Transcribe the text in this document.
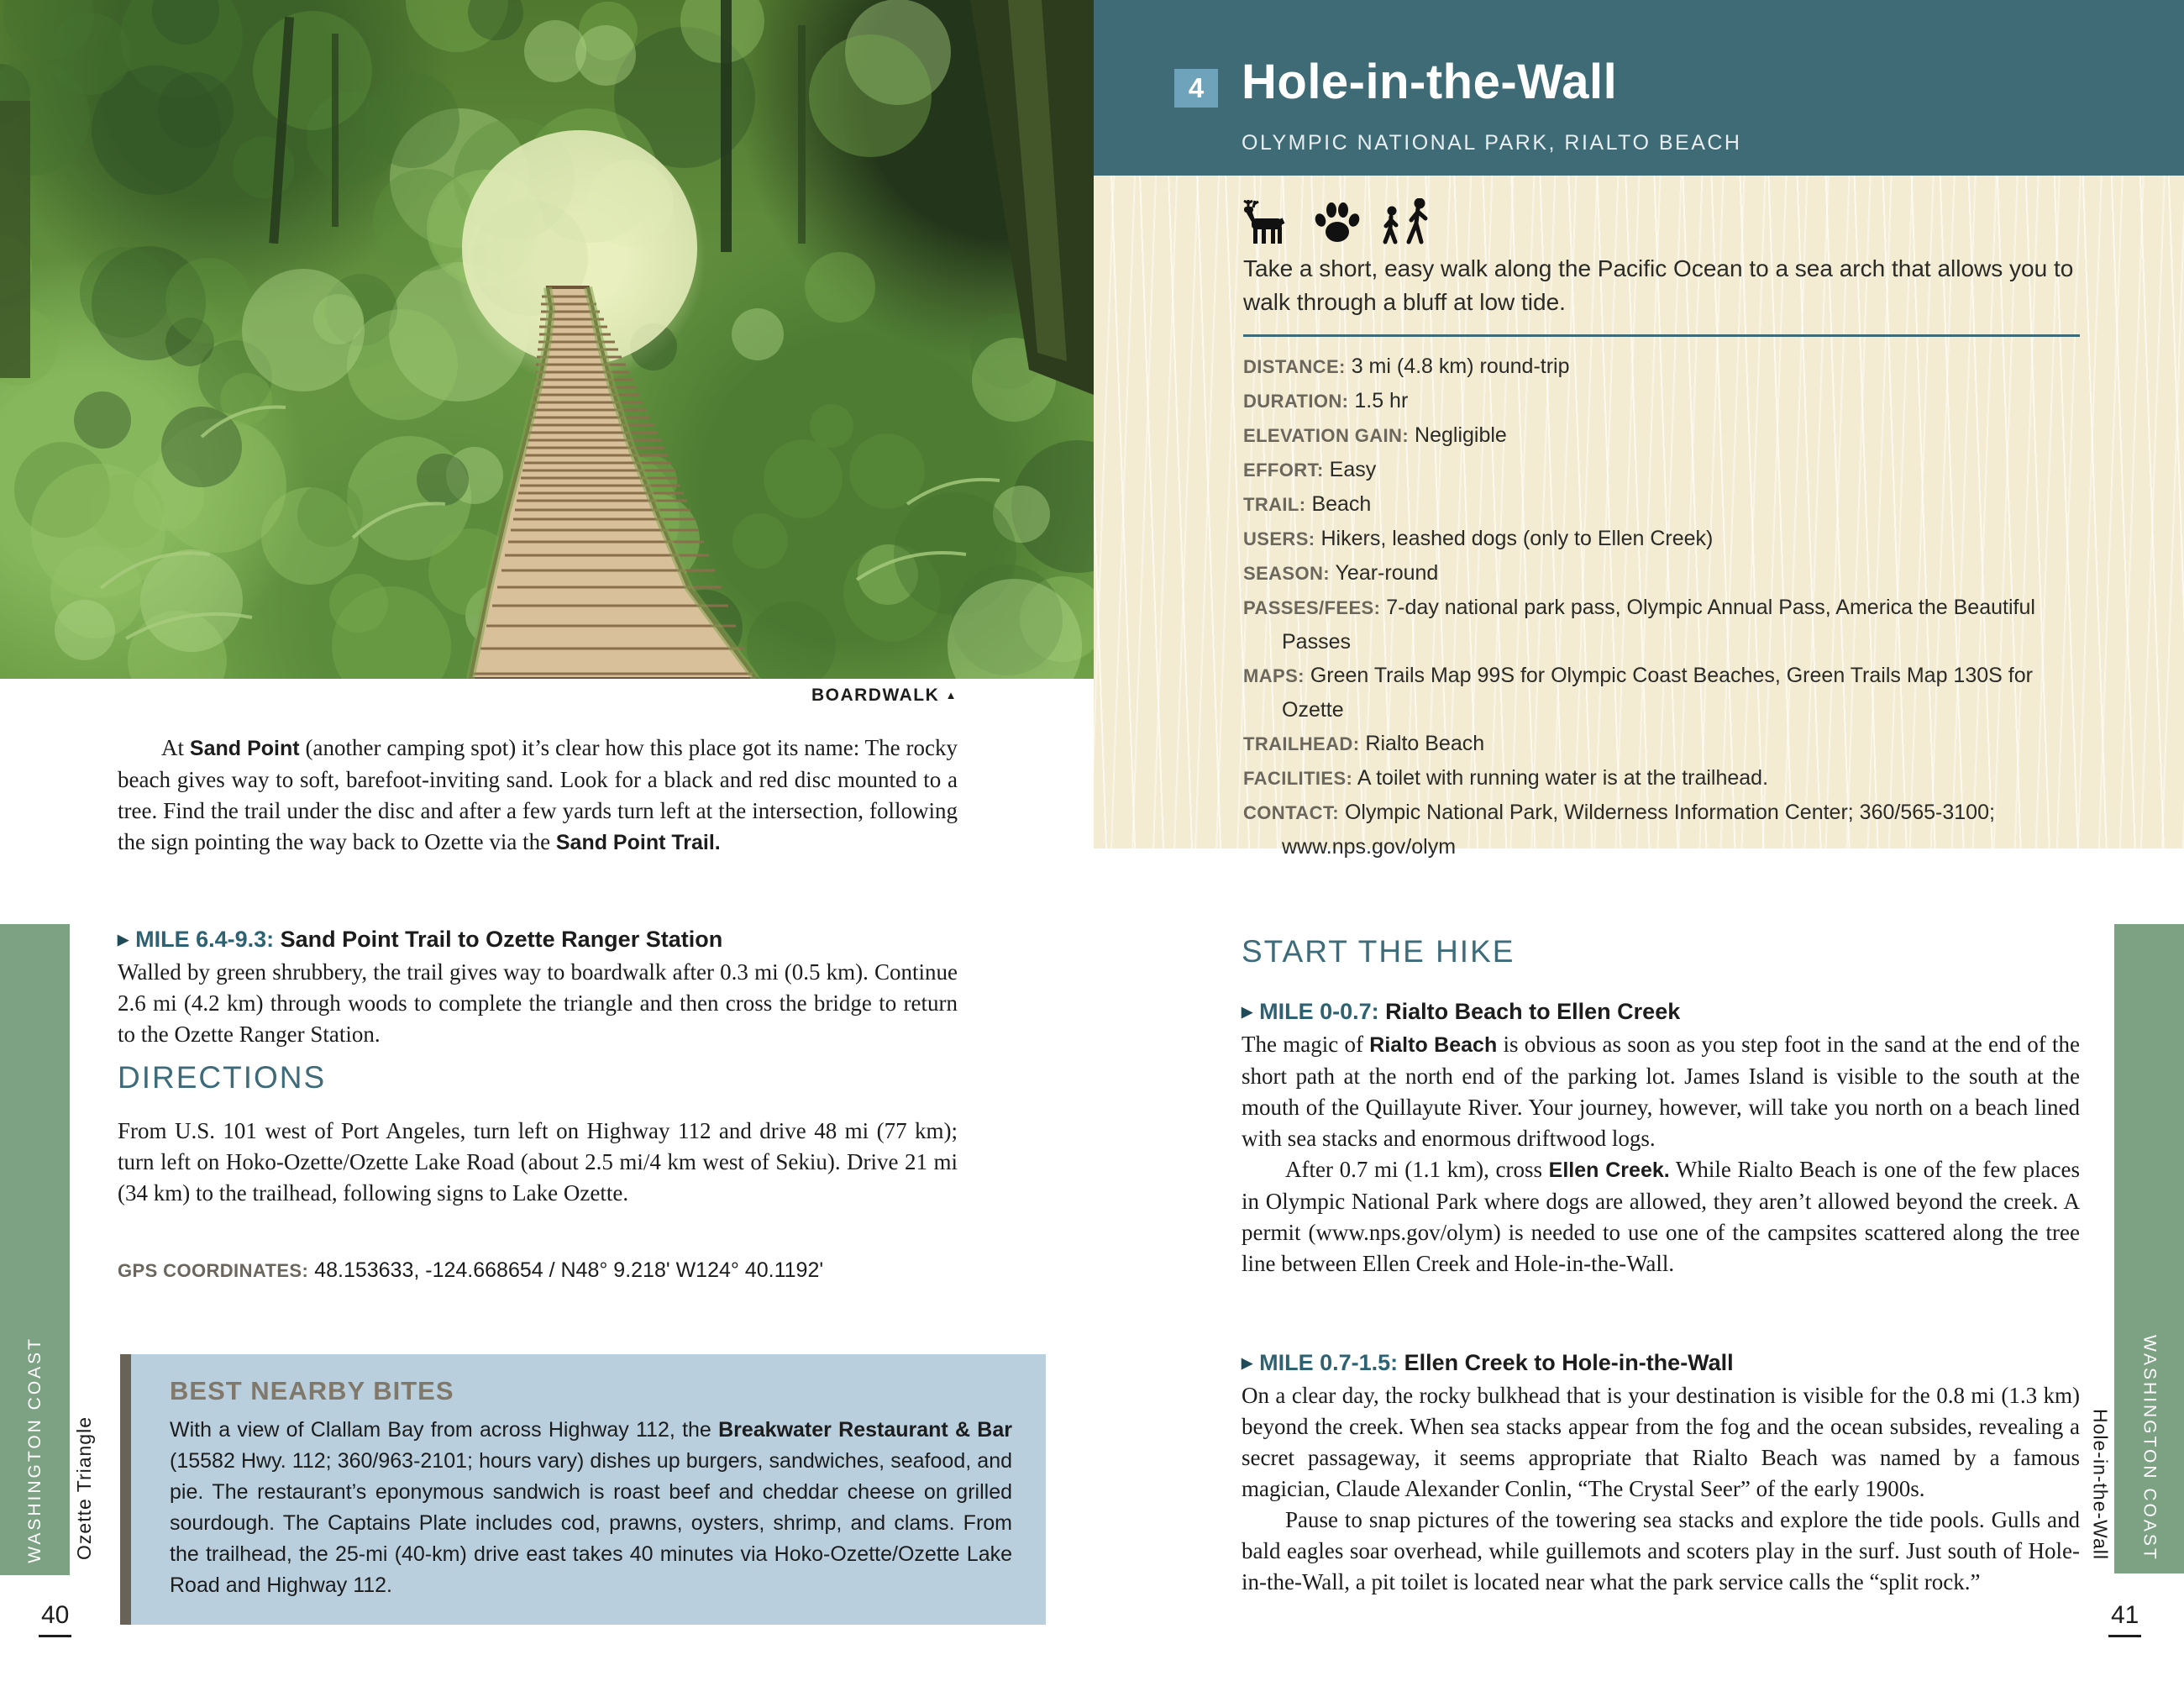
BOARDWALK ▲

At Sand Point (another camping spot) it’s clear how this place got its name: The rocky beach gives way to soft, barefoot-inviting sand. Look for a black and red disc mounted to a tree. Find the trail under the disc and after a few yards turn left at the intersection, following the sign pointing the way back to Ozette via the Sand Point Trail.

▶ MILE 6.4-9.3: Sand Point Trail to Ozette Ranger Station

Walled by green shrubbery, the trail gives way to boardwalk after 0.3 mi (0.5 km). Continue 2.6 mi (4.2 km) through woods to complete the triangle and then cross the bridge to return to the Ozette Ranger Station.

DIRECTIONS

From U.S. 101 west of Port Angeles, turn left on Highway 112 and drive 48 mi (77 km); turn left on Hoko-Ozette/Ozette Lake Road (about 2.5 mi/4 km west of Sekiu). Drive 21 mi (34 km) to the trailhead, following signs to Lake Ozette.

GPS COORDINATES: 48.153633, -124.668654 / N48° 9.218' W124° 40.1192'
BEST NEARBY BITES
With a view of Clallam Bay from across Highway 112, the Breakwater Restaurant & Bar (15582 Hwy. 112; 360/963-2101; hours vary) dishes up burgers, sandwiches, seafood, and pie. The restaurant’s eponymous sandwich is roast beef and cheddar cheese on grilled sourdough. The Captains Plate includes cod, prawns, oysters, shrimp, and clams. From the trailhead, the 25-mi (40-km) drive east takes 40 minutes via Hoko-Ozette/Ozette Lake Road and Highway 112.
WASHINGTON COAST Ozette Triangle
40
4 Hole-in-the-Wall
OLYMPIC NATIONAL PARK, RIALTO BEACH
Take a short, easy walk along the Pacific Ocean to a sea arch that allows you to walk through a bluff at low tide.
DISTANCE: 3 mi (4.8 km) round-trip
DURATION: 1.5 hr
ELEVATION GAIN: Negligible
EFFORT: Easy
TRAIL: Beach
USERS: Hikers, leashed dogs (only to Ellen Creek)
SEASON: Year-round
PASSES/FEES: 7-day national park pass, Olympic Annual Pass, America the Beautiful Passes
MAPS: Green Trails Map 99S for Olympic Coast Beaches, Green Trails Map 130S for Ozette
TRAILHEAD: Rialto Beach
FACILITIES: A toilet with running water is at the trailhead.
CONTACT: Olympic National Park, Wilderness Information Center; 360/565-3100; www.nps.gov/olym
START THE HIKE

▶ MILE 0-0.7: Rialto Beach to Ellen Creek

The magic of Rialto Beach is obvious as soon as you step foot in the sand at the end of the short path at the north end of the parking lot. James Island is visible to the south at the mouth of the Quillayute River. Your journey, however, will take you north on a beach lined with sea stacks and enormous driftwood logs.

After 0.7 mi (1.1 km), cross Ellen Creek. While Rialto Beach is one of the few places in Olympic National Park where dogs are allowed, they aren’t allowed beyond the creek. A permit (www.nps.gov/olym) is needed to use one of the campsites scattered along the tree line between Ellen Creek and Hole-in-the-Wall.

▶ MILE 0.7-1.5: Ellen Creek to Hole-in-the-Wall

On a clear day, the rocky bulkhead that is your destination is visible for the 0.8 mi (1.3 km) beyond the creek. When sea stacks appear from the fog and the ocean subsides, revealing a secret passageway, it seems appropriate that Rialto Beach was named by a famous magician, Claude Alexander Conlin, “The Crystal Seer” of the early 1900s.

Pause to snap pictures of the towering sea stacks and explore the tide pools. Gulls and bald eagles soar overhead, while guillemots and scoters play in the surf. Just south of Hole-in-the-Wall, a pit toilet is located near what the park service calls the “split rock.”

WASHINGTON COAST
Hole-in-the-Wall
41
